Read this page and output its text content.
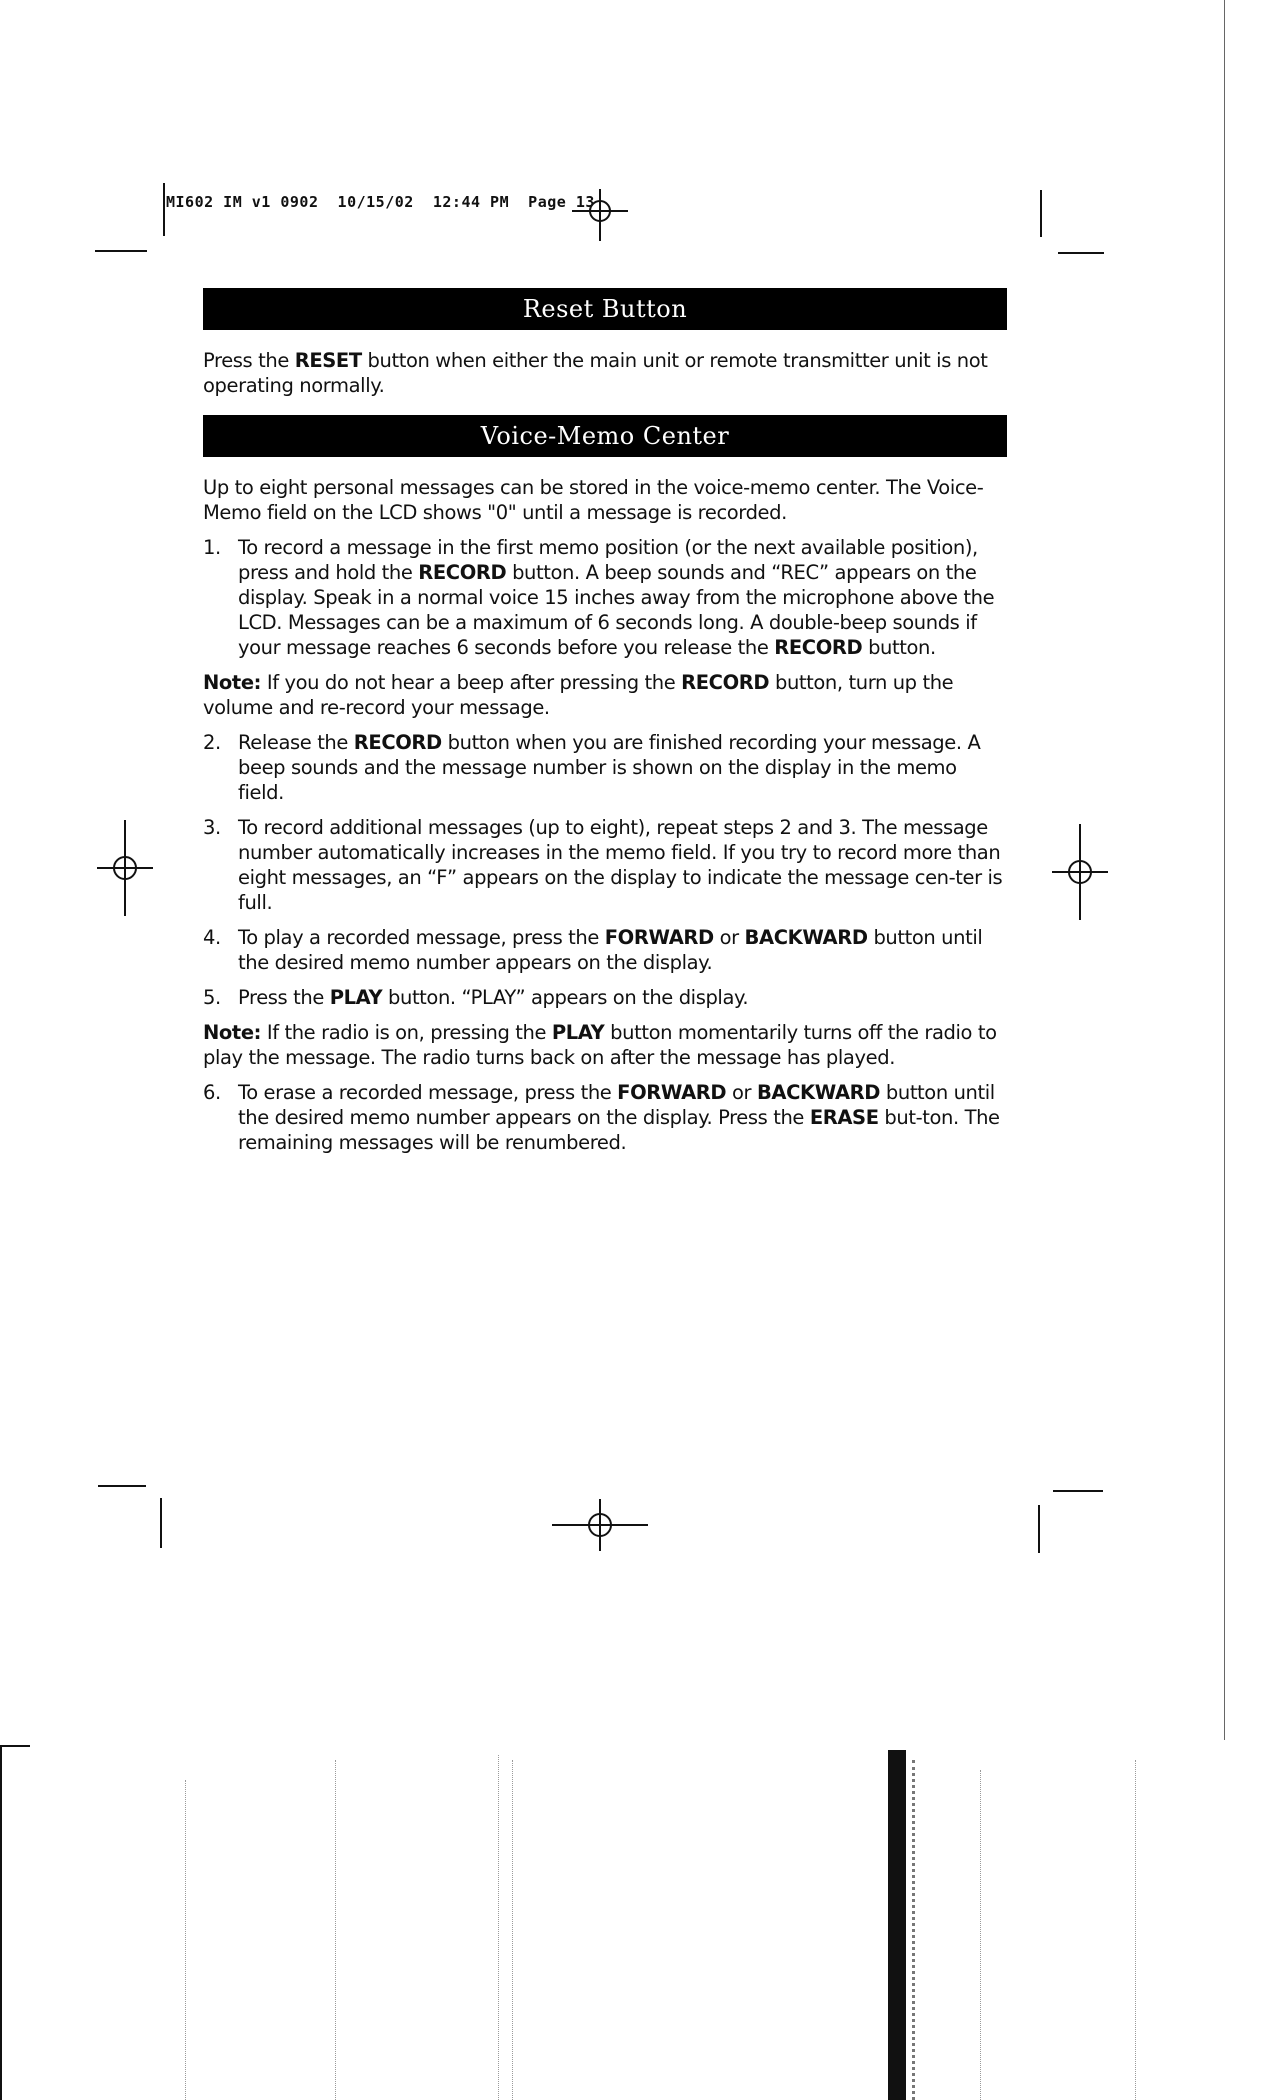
MI602 IM v1 0902  10/15/02  12:44 PM  Page 13
Reset Button

Press the RESET button when either the main unit or remote transmitter unit is not operating normally.

Voice-Memo Center

Up to eight personal messages can be stored in the voice-memo center. The Voice-Memo field on the LCD shows "0" until a message is recorded.

1. To record a message in the first memo position (or the next available position), press and hold the RECORD button. A beep sounds and “REC” appears on the display. Speak in a normal voice 15 inches away from the microphone above the LCD. Messages can be a maximum of 6 seconds long. A double-beep sounds if your message reaches 6 seconds before you release the RECORD button.

Note: If you do not hear a beep after pressing the RECORD button, turn up the volume and re-record your message.

2. Release the RECORD button when you are finished recording your message. A beep sounds and the message number is shown on the display in the memo field.
3. To record additional messages (up to eight), repeat steps 2 and 3. The message number automatically increases in the memo field. If you try to record more than eight messages, an “F” appears on the display to indicate the message cen-ter is full.
4. To play a recorded message, press the FORWARD or BACKWARD button until the desired memo number appears on the display.
5. Press the PLAY button. “PLAY” appears on the display.

Note: If the radio is on, pressing the PLAY button momentarily turns off the radio to play the message. The radio turns back on after the message has played.

6. To erase a recorded message, press the FORWARD or BACKWARD button until the desired memo number appears on the display. Press the ERASE but-ton. The remaining messages will be renumbered.
